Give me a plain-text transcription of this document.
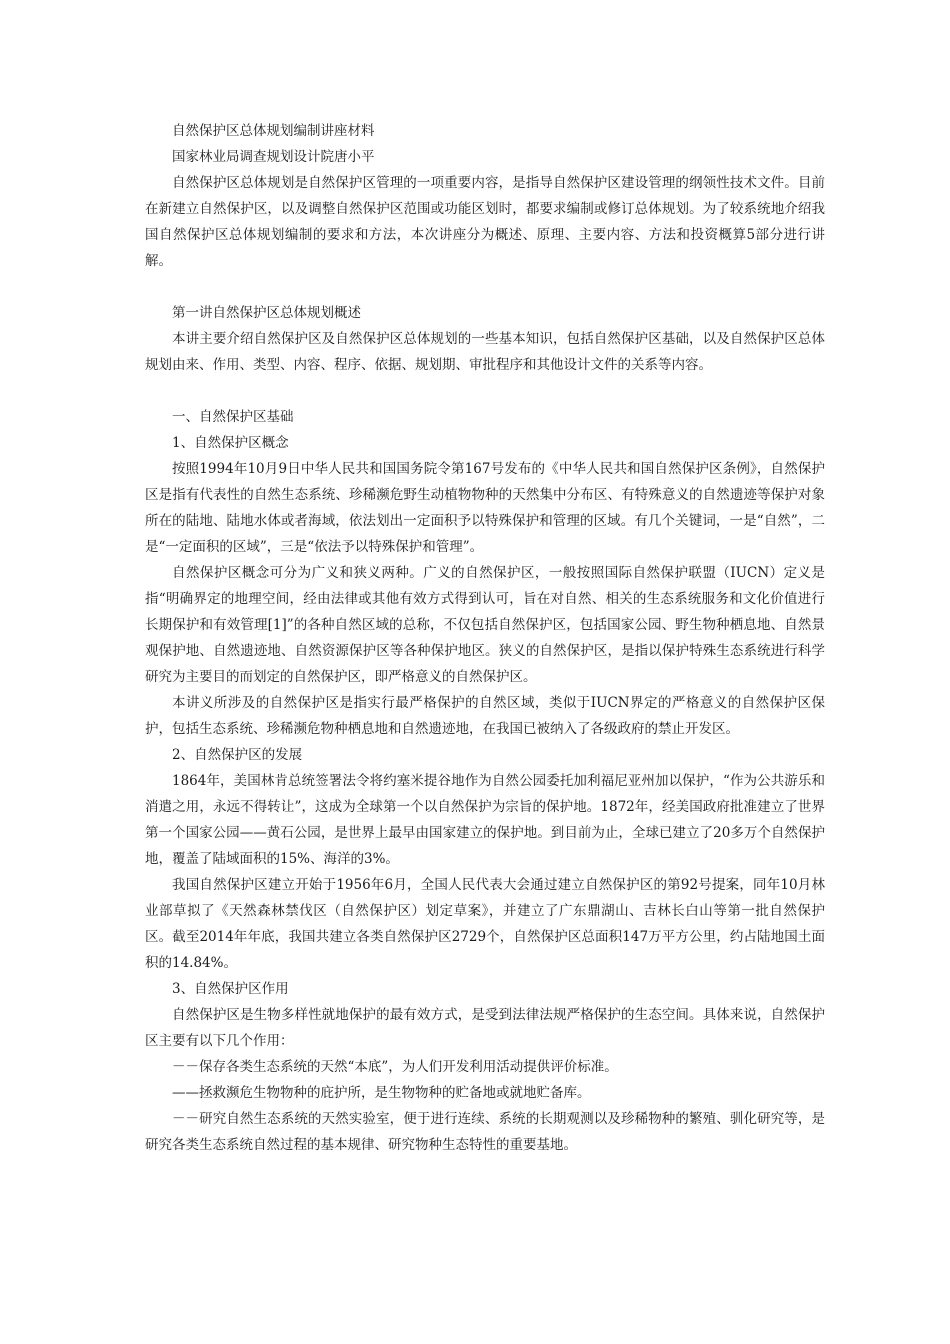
自然保护区总体规划编制讲座材料

国家林业局调查规划设计院唐小平

自然保护区总体规划是自然保护区管理的一项重要内容，是指导自然保护区建设管理的纲领性技术文件。目前在新建立自然保护区，以及调整自然保护区范围或功能区划时，都要求编制或修订总体规划。为了较系统地介绍我国自然保护区总体规划编制的要求和方法，本次讲座分为概述、原理、主要内容、方法和投资概算5部分进行讲解。

第一讲自然保护区总体规划概述

本讲主要介绍自然保护区及自然保护区总体规划的一些基本知识，包括自然保护区基础，以及自然保护区总体规划由来、作用、类型、内容、程序、依据、规划期、审批程序和其他设计文件的关系等内容。

一、自然保护区基础

1、自然保护区概念

按照1994年10月9日中华人民共和国国务院令第167号发布的《中华人民共和国自然保护区条例》，自然保护区是指有代表性的自然生态系统、珍稀濒危野生动植物物种的天然集中分布区、有特殊意义的自然遗迹等保护对象所在的陆地、陆地水体或者海域，依法划出一定面积予以特殊保护和管理的区域。有几个关键词，一是“自然”，二是“一定面积的区域”，三是“依法予以特殊保护和管理”。

自然保护区概念可分为广义和狭义两种。广义的自然保护区，一般按照国际自然保护联盟（IUCN）定义是指“明确界定的地理空间，经由法律或其他有效方式得到认可，旨在对自然、相关的生态系统服务和文化价值进行长期保护和有效管理[1]”的各种自然区域的总称，不仅包括自然保护区，包括国家公园、野生物种栖息地、自然景观保护地、自然遗迹地、自然资源保护区等各种保护地区。狭义的自然保护区，是指以保护特殊生态系统进行科学研究为主要目的而划定的自然保护区，即严格意义的自然保护区。

本讲义所涉及的自然保护区是指实行最严格保护的自然区域，类似于IUCN界定的严格意义的自然保护区保护，包括生态系统、珍稀濒危物种栖息地和自然遗迹地，在我国已被纳入了各级政府的禁止开发区。

2、自然保护区的发展

1864年，美国林肯总统签署法令将约塞米提谷地作为自然公园委托加利福尼亚州加以保护，“作为公共游乐和消遣之用，永远不得转让”，这成为全球第一个以自然保护为宗旨的保护地。1872年，经美国政府批准建立了世界第一个国家公园——黄石公园，是世界上最早由国家建立的保护地。到目前为止，全球已建立了20多万个自然保护地，覆盖了陆域面积的15%、海洋的3%。

我国自然保护区建立开始于1956年6月，全国人民代表大会通过建立自然保护区的第92号提案，同年10月林业部草拟了《天然森林禁伐区（自然保护区）划定草案》，并建立了广东鼎湖山、吉林长白山等第一批自然保护区。截至2014年年底，我国共建立各类自然保护区2729个，自然保护区总面积147万平方公里，约占陆地国土面积的14.84%。

3、自然保护区作用

自然保护区是生物多样性就地保护的最有效方式，是受到法律法规严格保护的生态空间。具体来说，自然保护区主要有以下几个作用：

－－保存各类生态系统的天然“本底”，为人们开发利用活动提供评价标准。

——拯救濒危生物物种的庇护所，是生物物种的贮备地或就地贮备库。

－－研究自然生态系统的天然实验室，便于进行连续、系统的长期观测以及珍稀物种的繁殖、驯化研究等，是研究各类生态系统自然过程的基本规律、研究物种生态特性的重要基地。
